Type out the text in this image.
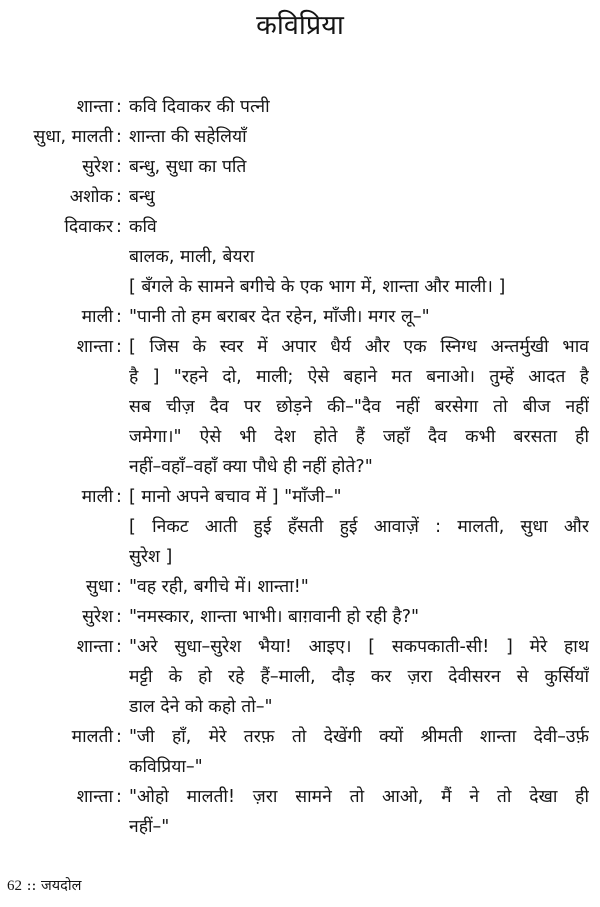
कविप्रिया
शान्ता : कवि दिवाकर की पत्नी
सुधा, मालती : शान्ता की सहेलियाँ
सुरेश : बन्धु, सुधा का पति
अशोक : बन्धु
दिवाकर : कवि
बालक, माली, बेयरा
[ बँगले के सामने बगीचे के एक भाग में, शान्ता और माली। ]
माली : "पानी तो हम बराबर देत रहेन, माँजी। मगर लू–"
शान्ता : [ जिस के स्वर में अपार धैर्य और एक स्निग्ध अन्तर्मुखी भाव
है ] "रहने दो, माली; ऐसे बहाने मत बनाओ। तुम्हें आदत है
सब चीज़ दैव पर छोड़ने की–"दैव नहीं बरसेगा तो बीज नहीं
जमेगा।" ऐसे भी देश होते हैं जहाँ दैव कभी बरसता ही
नहीं–वहाँ–वहाँ क्या पौधे ही नहीं होते?"
माली : [ मानो अपने बचाव में ] "माँजी–"
[ निकट आती हुई हँसती हुई आवाज़ें : मालती, सुधा और
सुरेश ]
सुधा : "वह रही, बगीचे में। शान्ता!"
सुरेश : "नमस्कार, शान्ता भाभी। बाग़वानी हो रही है?"
शान्ता : "अरे सुधा–सुरेश भैया! आइए। [ सकपकाती-सी! ] मेरे हाथ
मट्टी के हो रहे हैं–माली, दौड़ कर ज़रा देवीसरन से कुर्सियाँ
डाल देने को कहो तो–"
मालती : "जी हाँ, मेरे तरफ़ तो देखेंगी क्यों श्रीमती शान्ता देवी–उर्फ़
कविप्रिया–"
शान्ता : "ओहो मालती! ज़रा सामने तो आओ, मैं ने तो देखा ही
नहीं–"
62 :: जयदोल
